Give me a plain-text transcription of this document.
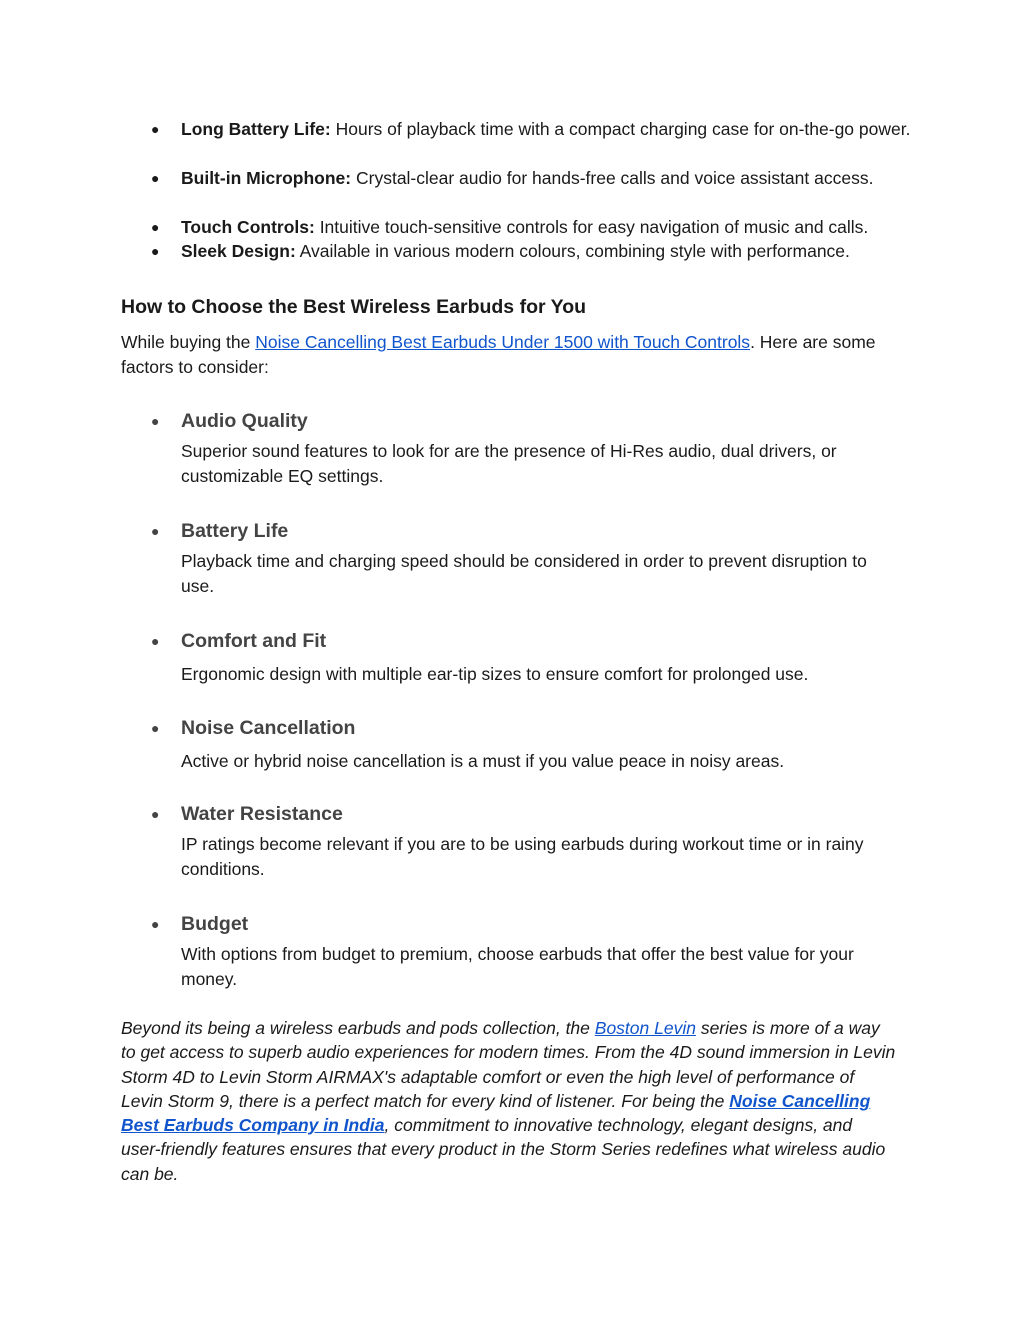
● Long Battery Life: Hours of playback time with a compact charging case for on-the-go power.
● Built-in Microphone: Crystal-clear audio for hands-free calls and voice assistant access.
● Touch Controls: Intuitive touch-sensitive controls for easy navigation of music and calls.
● Sleek Design: Available in various modern colours, combining style with performance.
How to Choose the Best Wireless Earbuds for You
While buying the Noise Cancelling Best Earbuds Under 1500 with Touch Controls. Here are some factors to consider:
● Audio Quality
Superior sound features to look for are the presence of Hi-Res audio, dual drivers, or customizable EQ settings.
● Battery Life
Playback time and charging speed should be considered in order to prevent disruption to use.
● Comfort and Fit
Ergonomic design with multiple ear-tip sizes to ensure comfort for prolonged use.
● Noise Cancellation
Active or hybrid noise cancellation is a must if you value peace in noisy areas.
● Water Resistance
IP ratings become relevant if you are to be using earbuds during workout time or in rainy conditions.
● Budget
With options from budget to premium, choose earbuds that offer the best value for your money.
Beyond its being a wireless earbuds and pods collection, the Boston Levin series is more of a way to get access to superb audio experiences for modern times. From the 4D sound immersion in Levin Storm 4D to Levin Storm AIRMAX's adaptable comfort or even the high level of performance of Levin Storm 9, there is a perfect match for every kind of listener. For being the Noise Cancelling Best Earbuds Company in India, commitment to innovative technology, elegant designs, and user-friendly features ensures that every product in the Storm Series redefines what wireless audio can be.
